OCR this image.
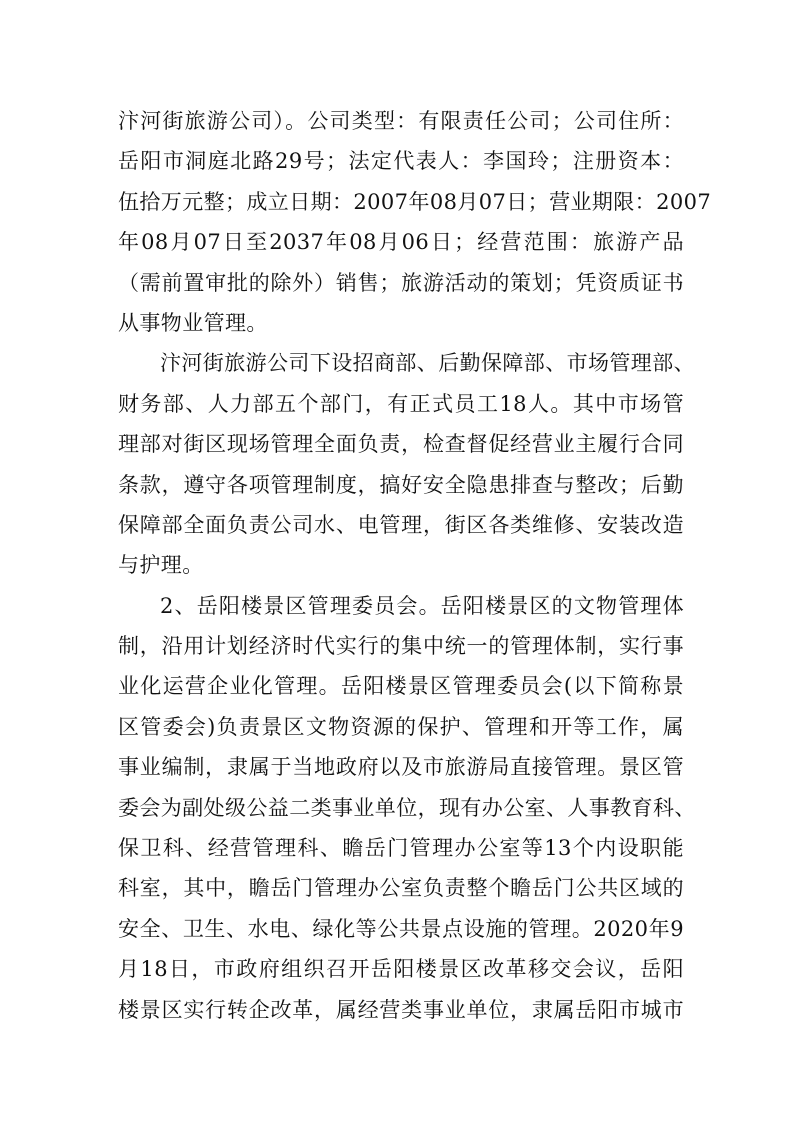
汴河街旅游公司）。公司类型：有限责任公司；公司住所：
岳阳市洞庭北路29号；法定代表人：李国玲；注册资本：
伍拾万元整；成立日期：2007年08月07日；营业期限：2007
年08月07日至2037年08月06日；经营范围：旅游产品
（需前置审批的除外）销售；旅游活动的策划；凭资质证书
从事物业管理。
汴河街旅游公司下设招商部、后勤保障部、市场管理部、
财务部、人力部五个部门，有正式员工18人。其中市场管
理部对街区现场管理全面负责，检查督促经营业主履行合同
条款，遵守各项管理制度，搞好安全隐患排查与整改；后勤
保障部全面负责公司水、电管理，街区各类维修、安装改造
与护理。
2、岳阳楼景区管理委员会。岳阳楼景区的文物管理体
制，沿用计划经济时代实行的集中统一的管理体制，实行事
业化运营企业化管理。岳阳楼景区管理委员会(以下简称景
区管委会)负责景区文物资源的保护、管理和开等工作，属
事业编制，隶属于当地政府以及市旅游局直接管理。景区管
委会为副处级公益二类事业单位，现有办公室、人事教育科、
保卫科、经营管理科、瞻岳门管理办公室等13个内设职能
科室，其中，瞻岳门管理办公室负责整个瞻岳门公共区域的
安全、卫生、水电、绿化等公共景点设施的管理。2020年9
月18日，市政府组织召开岳阳楼景区改革移交会议，岳阳
楼景区实行转企改革，属经营类事业单位，隶属岳阳市城市
